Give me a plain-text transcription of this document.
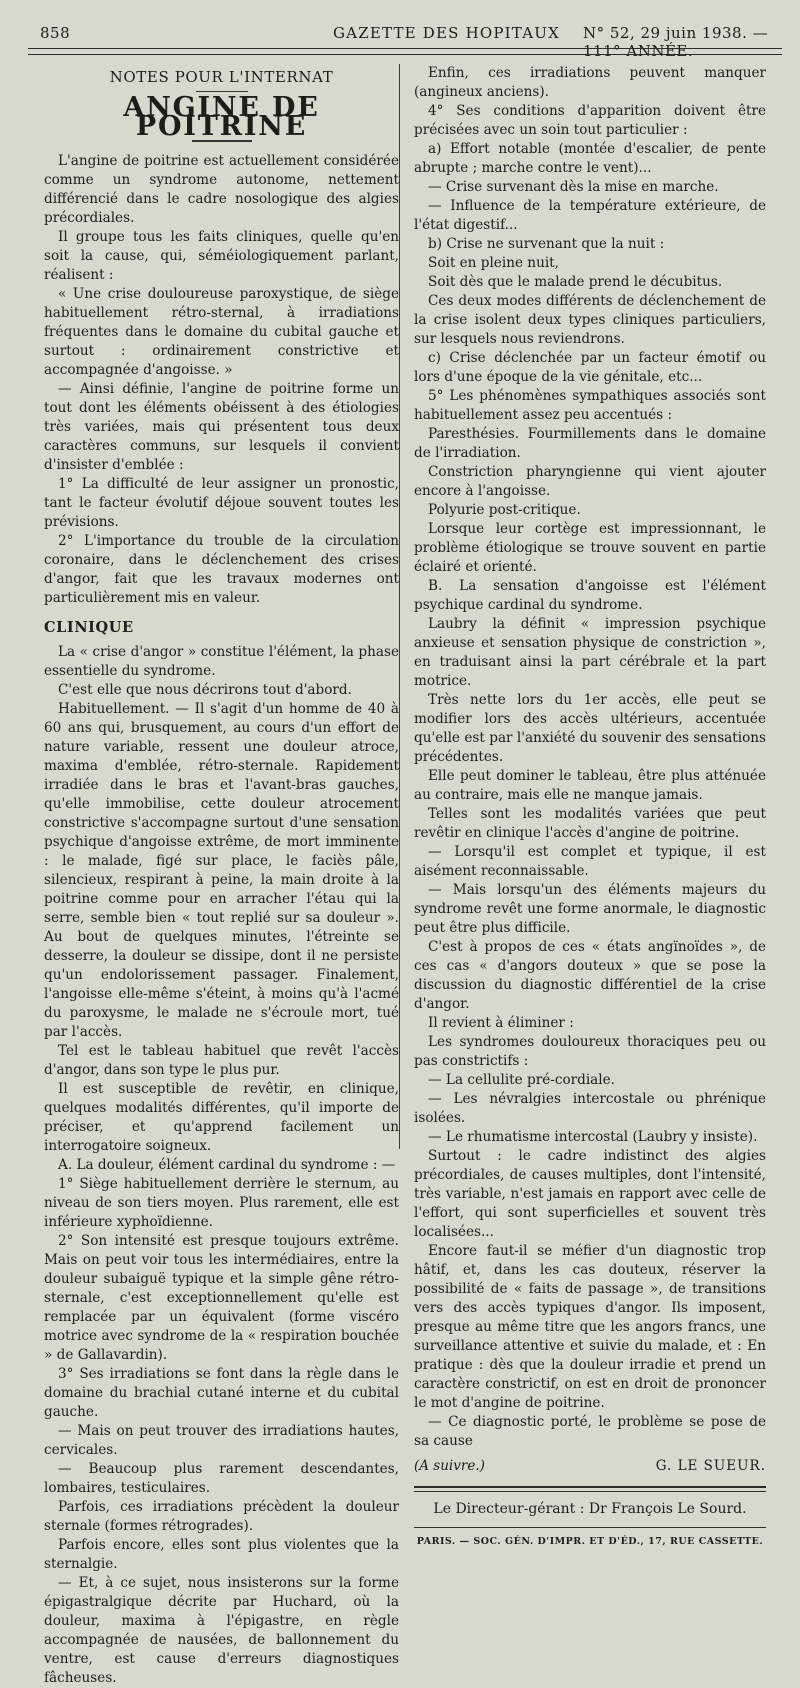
858	GAZETTE DES HOPITAUX N° 52, 29 juin 1938. — 111° ANNÉE.
NOTES POUR L'INTERNAT
ANGINE DE POITRINE

L'angine de poitrine est actuellement considérée comme un syndrome autonome, nettement différencié dans le cadre nosologique des algies précordiales.

Il groupe tous les faits cliniques, quelle qu'en soit la cause, qui, séméiologiquement parlant, réalisent :

« Une crise douloureuse paroxystique, de siège habituellement rétro-sternal, à irradiations fréquentes dans le domaine du cubital gauche et surtout : ordinairement constrictive et accompagnée d'angoisse. »

— Ainsi définie, l'angine de poitrine forme un tout dont les éléments obéissent à des étiologies très variées, mais qui présentent tous deux caractères communs, sur lesquels il convient d'insister d'emblée :

1° La difficulté de leur assigner un pronostic, tant le facteur évolutif déjoue souvent toutes les prévisions.

2° L'importance du trouble de la circulation coronaire, dans le déclenchement des crises d'angor, fait que les travaux modernes ont particulièrement mis en valeur.

CLINIQUE

La « crise d'angor » constitue l'élément, la phase essentielle du syndrome.

C'est elle que nous décrirons tout d'abord.

Habituellement. — Il s'agit d'un homme de 40 à 60 ans qui, brusquement, au cours d'un effort de nature variable, ressent une douleur atroce, maxima d'emblée, rétro-sternale. Rapidement irradiée dans le bras et l'avant-bras gauches, qu'elle immobilise, cette douleur atrocement constrictive s'accompagne surtout d'une sensation psychique d'angoisse extrême, de mort imminente : le malade, figé sur place, le faciès pâle, silencieux, respirant à peine, la main droite à la poitrine comme pour en arracher l'étau qui la serre, semble bien « tout replié sur sa douleur ». Au bout de quelques minutes, l'étreinte se desserre, la douleur se dissipe, dont il ne persiste qu'un endolorissement passager. Finalement, l'angoisse elle-même s'éteint, à moins qu'à l'acmé du paroxysme, le malade ne s'écroule mort, tué par l'accès.

Tel est le tableau habituel que revêt l'accès d'angor, dans son type le plus pur.

Il est susceptible de revêtir, en clinique, quelques modalités différentes, qu'il importe de préciser, et qu'apprend facilement un interrogatoire soigneux.

A. La douleur, élément cardinal du syndrome : —

1° Siège habituellement derrière le sternum, au niveau de son tiers moyen. Plus rarement, elle est inférieure xyphoïdienne.

2° Son intensité est presque toujours extrême. Mais on peut voir tous les intermédiaires, entre la douleur subaiguë typique et la simple gêne rétro-sternale, c'est exceptionnellement qu'elle est remplacée par un équivalent (forme viscéro motrice avec syndrome de la « respiration bouchée » de Gallavardin).

3° Ses irradiations se font dans la règle dans le domaine du brachial cutané interne et du cubital gauche.

— Mais on peut trouver des irradiations hautes, cervicales.

— Beaucoup plus rarement descendantes, lombaires, testiculaires.

Parfois, ces irradiations précèdent la douleur sternale (formes rétrogrades).

Parfois encore, elles sont plus violentes que la sternalgie.

— Et, à ce sujet, nous insisterons sur la forme épigastralgique décrite par Huchard, où la douleur, maxima à l'épigastre, en règle accompagnée de nausées, de ballonnement du ventre, est cause d'erreurs diagnostiques fâcheuses.

Enfin, ces irradiations peuvent manquer (angineux anciens).

4° Ses conditions d'apparition doivent être précisées avec un soin tout particulier :

a) Effort notable (montée d'escalier, de pente abrupte ; marche contre le vent)...

— Crise survenant dès la mise en marche.

— Influence de la température extérieure, de l'état digestif...

b) Crise ne survenant que la nuit :

Soit en pleine nuit,

Soit dès que le malade prend le décubitus.

Ces deux modes différents de déclenchement de la crise isolent deux types cliniques particuliers, sur lesquels nous reviendrons.

c) Crise déclenchée par un facteur émotif ou lors d'une époque de la vie génitale, etc...

5° Les phénomènes sympathiques associés sont habituellement assez peu accentués :

Paresthésies. Fourmillements dans le domaine de l'irradiation.

Constriction pharyngienne qui vient ajouter encore à l'angoisse.

Polyurie post-critique.

Lorsque leur cortège est impressionnant, le problème étiologique se trouve souvent en partie éclairé et orienté.

B. La sensation d'angoisse est l'élément psychique cardinal du syndrome.

Laubry la définit « impression psychique anxieuse et sensation physique de constriction », en traduisant ainsi la part cérébrale et la part motrice.

Très nette lors du 1er accès, elle peut se modifier lors des accès ultérieurs, accentuée qu'elle est par l'anxiété du souvenir des sensations précédentes.

Elle peut dominer le tableau, être plus atténuée au contraire, mais elle ne manque jamais.

Telles sont les modalités variées que peut revêtir en clinique l'accès d'angine de poitrine.

— Lorsqu'il est complet et typique, il est aisément reconnaissable.

— Mais lorsqu'un des éléments majeurs du syndrome revêt une forme anormale, le diagnostic peut être plus difficile.

C'est à propos de ces « états angïnoïdes », de ces cas « d'angors douteux » que se pose la discussion du diagnostic différentiel de la crise d'angor.

Il revient à éliminer :

Les syndromes douloureux thoraciques peu ou pas constrictifs :

— La cellulite pré-cordiale.

— Les névralgies intercostale ou phrénique isolées.

— Le rhumatisme intercostal (Laubry y insiste).

Surtout : le cadre indistinct des algies précordiales, de causes multiples, dont l'intensité, très variable, n'est jamais en rapport avec celle de l'effort, qui sont superficielles et souvent très localisées...

Encore faut-il se méfier d'un diagnostic trop hâtif, et, dans les cas douteux, réserver la possibilité de « faits de passage », de transitions vers des accès typiques d'angor. Ils imposent, presque au même titre que les angors francs, une surveillance attentive et suivie du malade, et : En pratique : dès que la douleur irradie et prend un caractère constrictif, on est en droit de prononcer le mot d'angine de poitrine.

— Ce diagnostic porté, le problème se pose de sa cause

(A suivre.)	G. LE SUEUR.
Le Directeur-gérant : Dr François Le Sourd.
PARIS. — SOC. GÉN. D'IMPR. ET D'ÉD., 17, RUE CASSETTE.
